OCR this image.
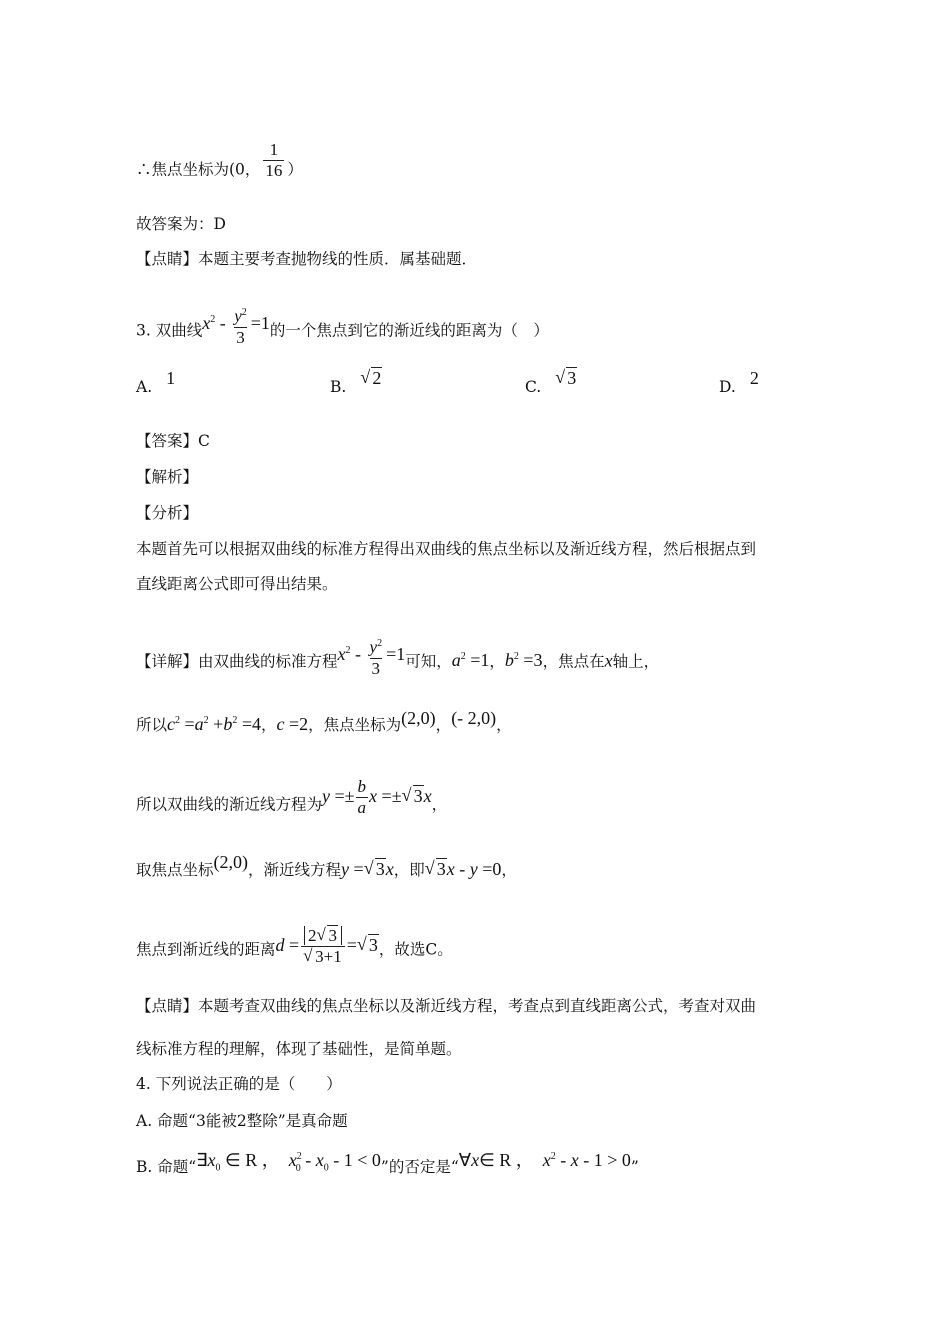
∴焦点坐标为(0， $\frac{1}{16}$ ）
故答案为：D
【点睛】本题主要考查抛物线的性质．属基础题．
3. 双曲线$x^2 - \frac{y^2}{3} =1$的一个焦点到它的渐近线的距离为（　）
A. 1	B. √ 2	C. √ 3	D. 2
【答案】C
【解析】
【分析】
本题首先可以根据双曲线的标准方程得出双曲线的焦点坐标以及渐近线方程，然后根据点到
直线距离公式即可得出结果。
【详解】由双曲线的标准方程$x^2 - \frac{y^2}{3} =1$可知，$a^2 =1$，$b^2 =3$，焦点在x轴上，
所以$c^2 =a^2 +b^2 =4$，c =2，焦点坐标为(2,0)，(- 2,0)，
所以双曲线的渐近线方程为$y =\pm \frac{b}{a}$ x =± √ 3x，
取焦点坐标(2,0)，渐近线方程y = √ 3x，即 √ 3x - y =0，
焦点到渐近线的距离d = 2 √ 3
√ 3+1 = √ 3，故选C。
【点睛】本题考查双曲线的焦点坐标以及渐近线方程，考查点到直线距离公式，考查对双曲
线标准方程的理解，体现了基础性，是简单题。
4. 下列说法正确的是（　　）
A. 命题“3能被2整除”是真命题
B. 命题“$\exists x_0$ ∈ R ，  $x^2_0 - x_0 - 1 < 0$”的否定是“∀x∈ R ，  $x^2 - x - 1 > 0$”
